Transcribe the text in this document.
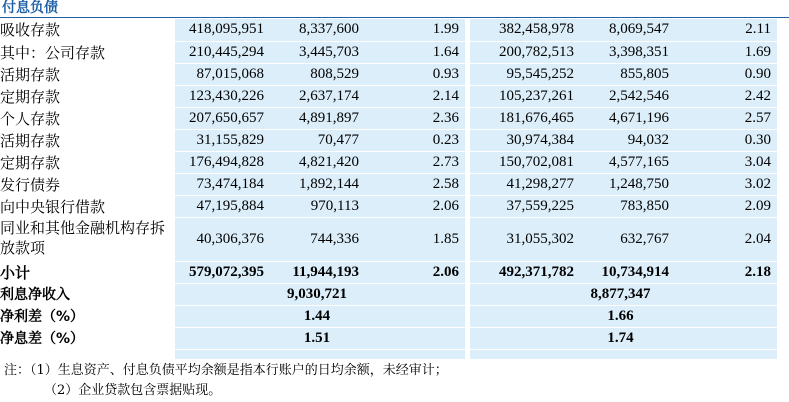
付息负债
吸收存款	418,095,951	8,337,600	1.99		382,458,978	8,069,547	2.11	
其中：公司存款	210,445,294	3,445,703	1.64		200,782,513	3,398,351	1.69	
活期存款	87,015,068	808,529	0.93		95,545,252	855,805	0.90	
定期存款	123,430,226	2,637,174	2.14		105,237,261	2,542,546	2.42	
个人存款	207,650,657	4,891,897	2.36		181,676,465	4,671,196	2.57	
活期存款	31,155,829	70,477	0.23		30,974,384	94,032	0.30	
定期存款	176,494,828	4,821,420	2.73		150,702,081	4,577,165	3.04	
发行债券	73,474,184	1,892,144	2.58		41,298,277	1,248,750	3.02	
向中央银行借款	47,195,884	970,113	2.06		37,559,225	783,850	2.09	
同业和其他金融机构存拆放款项	40,306,376	744,336	1.85		31,055,302	632,767	2.04	
小计	579,072,395	11,944,193	2.06		492,371,782	10,734,914	2.18	
利息净收入	9,030,721				8,877,347			
净利差（%）	1.44				1.66			
净息差（%）	1.51				1.74			
注：（1）生息资产、付息负债平均余额是指本行账户的日均余额，未经审计；
（2）企业贷款包含票据贴现。
